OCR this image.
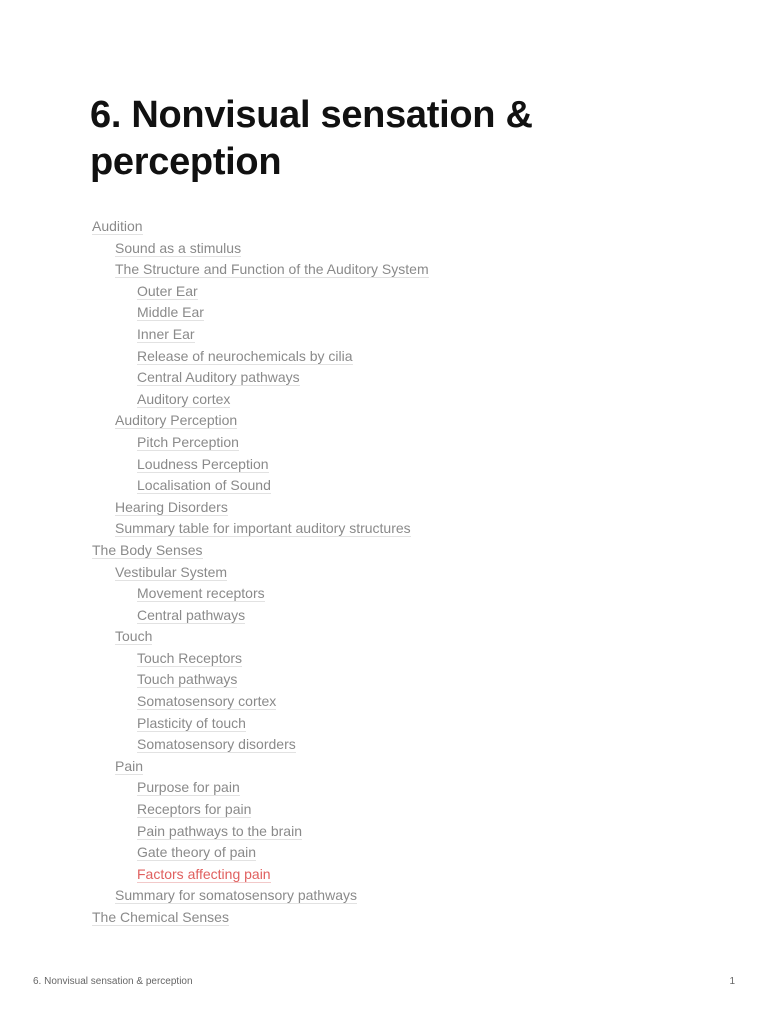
6. Nonvisual sensation & perception
Audition
Sound as a stimulus
The Structure and Function of the Auditory System
Outer Ear
Middle Ear
Inner Ear
Release of neurochemicals by cilia
Central Auditory pathways
Auditory cortex
Auditory Perception
Pitch Perception
Loudness Perception
Localisation of Sound
Hearing Disorders
Summary table for important auditory structures
The Body Senses
Vestibular System
Movement receptors
Central pathways
Touch
Touch Receptors
Touch pathways
Somatosensory cortex
Plasticity of touch
Somatosensory disorders
Pain
Purpose for pain
Receptors for pain
Pain pathways to the brain
Gate theory of pain
Factors affecting pain
Summary for somatosensory pathways
The Chemical Senses
6. Nonvisual sensation & perception	1
